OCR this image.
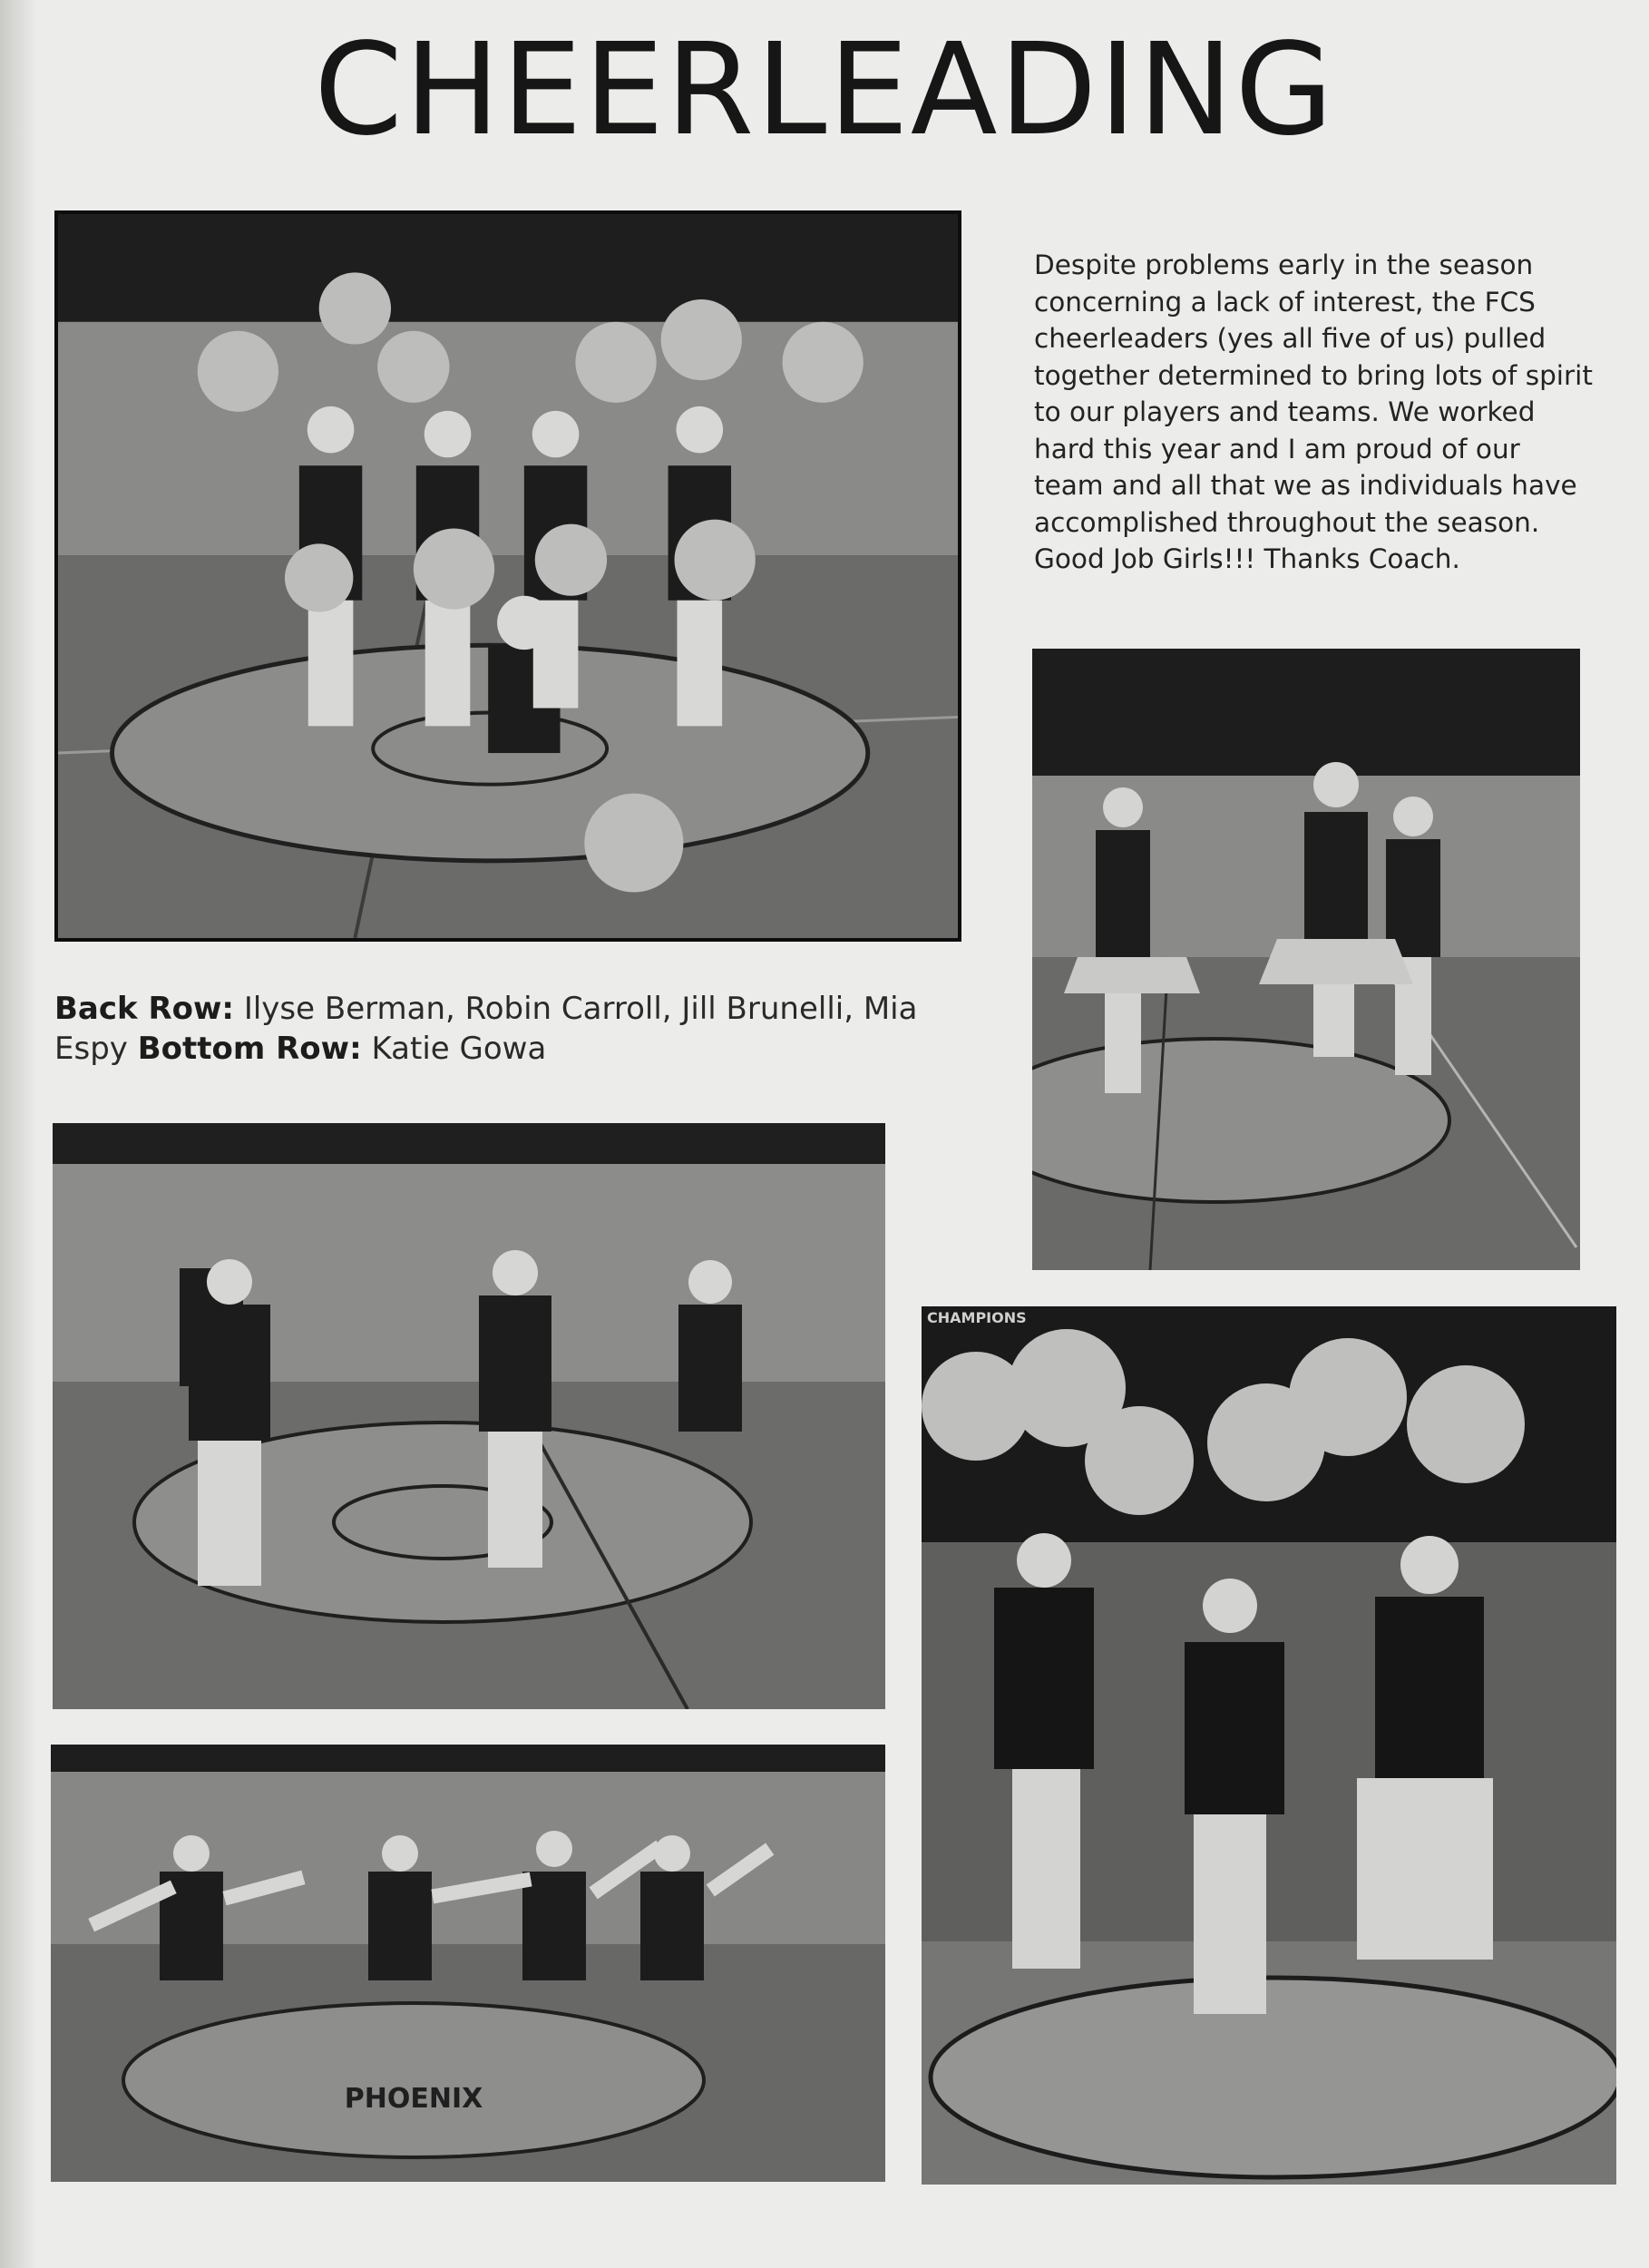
CHEERLEADING

Despite problems early in the season concerning a lack of interest, the FCS cheerleaders (yes all five of us) pulled together determined to bring lots of spirit to our players and teams. We worked hard this year and I am proud of our team and all that we as individuals have accomplished throughout the season. Good Job Girls!!! Thanks Coach.

Back Row: Ilyse Berman, Robin Carroll, Jill Brunelli, Mia Espy Bottom Row: Katie Gowa

CHAMPIONS
PHOENIX
